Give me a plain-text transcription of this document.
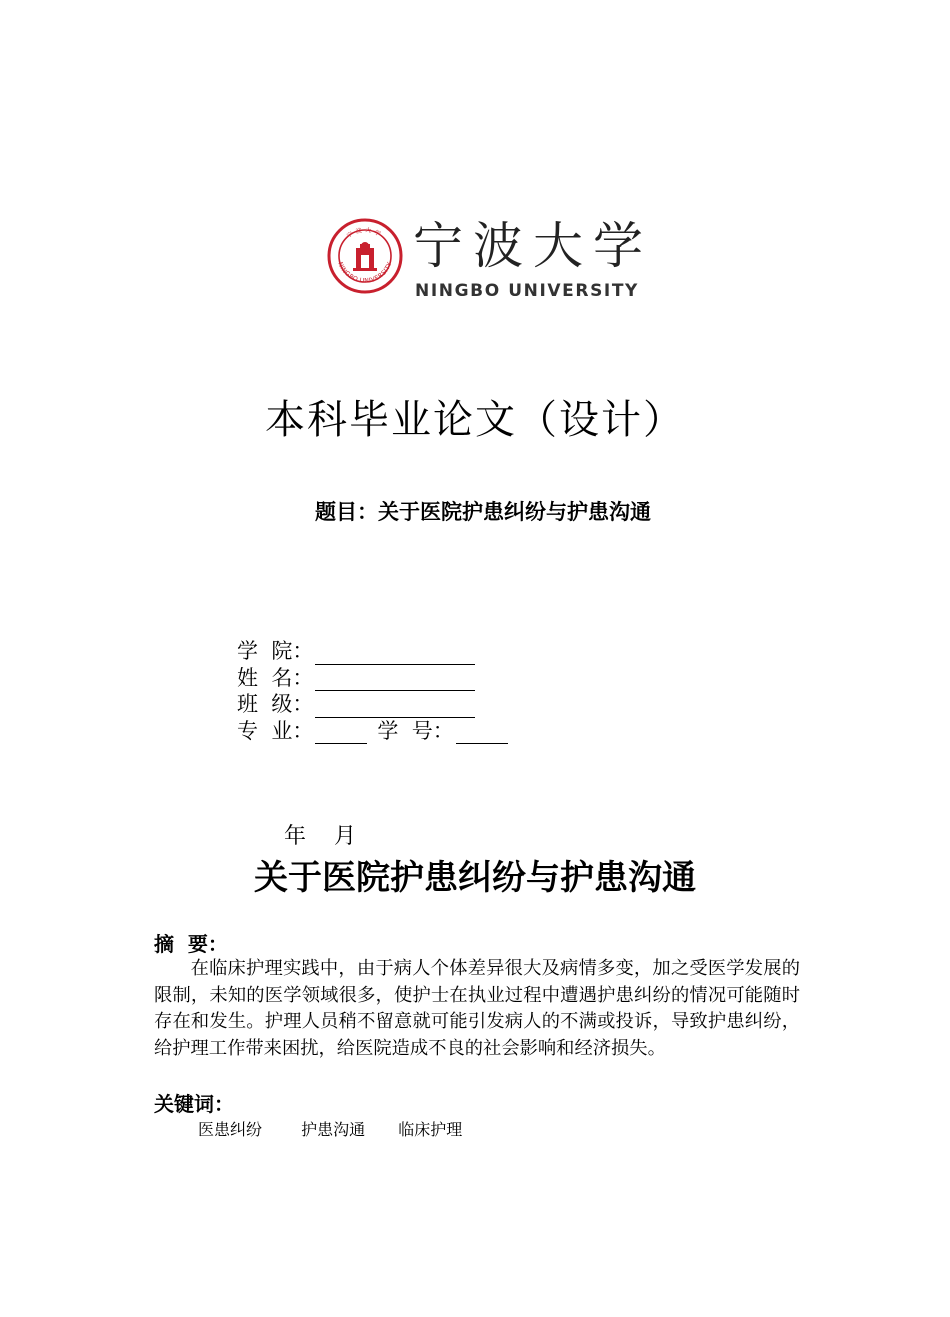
NINGBO UNIVERSITY
宁波大学 宁波大学
NINGBO UNIVERSITY
本科毕业论文（设计）
题目：关于医院护患纠纷与护患沟通
学  院：
姓  名：
班  级：
专  业：	学  号：
年    月
关于医院护患纠纷与护患沟通
摘  要：
在临床护理实践中，由于病人个体差异很大及病情多变，加之受医学发展的限制，未知的医学领域很多，使护士在执业过程中遭遇护患纠纷的情况可能随时存在和发生。护理人员稍不留意就可能引发病人的不满或投诉，导致护患纠纷，给护理工作带来困扰，给医院造成不良的社会影响和经济损失。
关键词：
医患纠纷 护患沟通 临床护理
